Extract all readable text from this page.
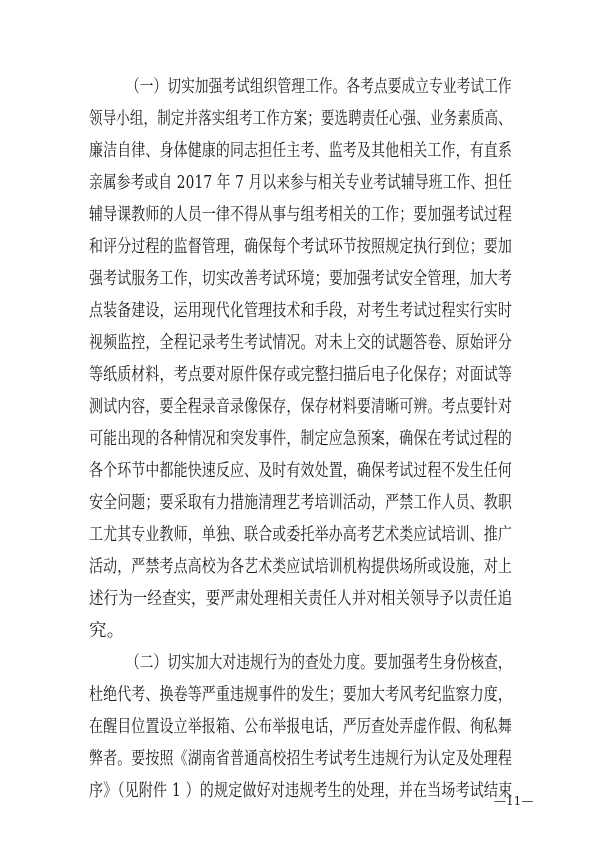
（一）切实加强考试组织管理工作。各考点要成立专业考试工作
领导小组，制定并落实组考工作方案；要选聘责任心强、业务素质高、
廉洁自律、身体健康的同志担任主考、监考及其他相关工作，有直系
亲属参考或自 2017 年 7 月以来参与相关专业考试辅导班工作、担任
辅导课教师的人员一律不得从事与组考相关的工作；要加强考试过程
和评分过程的监督管理，确保每个考试环节按照规定执行到位；要加
强考试服务工作，切实改善考试环境；要加强考试安全管理，加大考
点装备建设，运用现代化管理技术和手段，对考生考试过程实行实时
视频监控，全程记录考生考试情况。对未上交的试题答卷、原始评分
等纸质材料，考点要对原件保存或完整扫描后电子化保存；对面试等
测试内容，要全程录音录像保存，保存材料要清晰可辨。考点要针对
可能出现的各种情况和突发事件，制定应急预案，确保在考试过程的
各个环节中都能快速反应、及时有效处置，确保考试过程不发生任何
安全问题；要采取有力措施清理艺考培训活动，严禁工作人员、教职
工尤其专业教师，单独、联合或委托举办高考艺术类应试培训、推广
活动，严禁考点高校为各艺术类应试培训机构提供场所或设施，对上
述行为一经查实，要严肃处理相关责任人并对相关领导予以责任追
究。
（二）切实加大对违规行为的查处力度。要加强考生身份核查，
杜绝代考、换卷等严重违规事件的发生；要加大考风考纪监察力度，
在醒目位置设立举报箱、公布举报电话，严厉查处弄虚作假、徇私舞
弊者。要按照《湖南省普通高校招生考试考生违规行为认定及处理程
序》（见附件 1 ）的规定做好对违规考生的处理，并在当场考试结束
—11—
